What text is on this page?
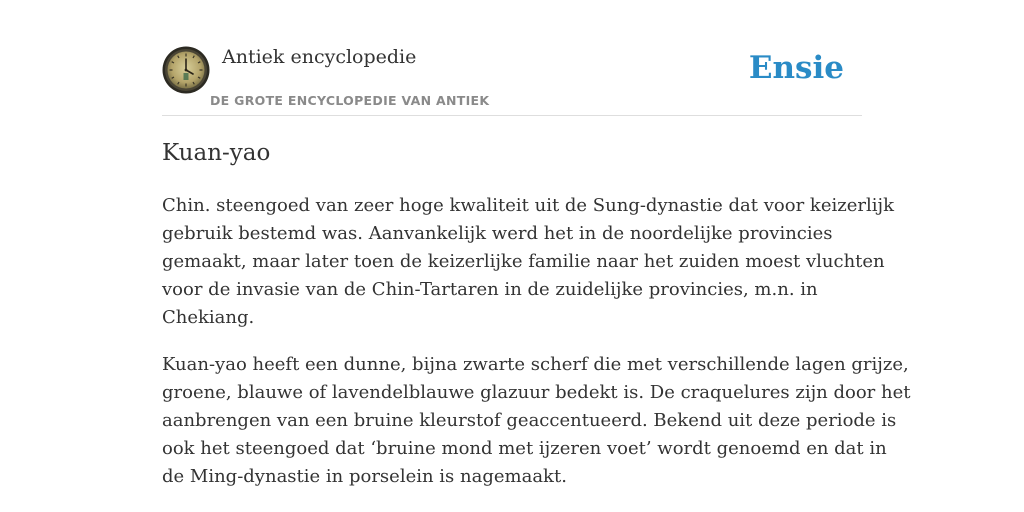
Antiek encyclopedie
DE GROTE ENCYCLOPEDIE VAN ANTIEK
Ensie
Kuan-yao

Chin. steengoed van zeer hoge kwaliteit uit de Sung-dynastie dat voor keizerlijk
gebruik bestemd was. Aanvankelijk werd het in de noordelijke provincies
gemaakt, maar later toen de keizerlijke familie naar het zuiden moest vluchten
voor de invasie van de Chin-Tartaren in de zuidelijke provincies, m.n. in
Chekiang.

Kuan-yao heeft een dunne, bijna zwarte scherf die met verschillende lagen grijze,
groene, blauwe of lavendelblauwe glazuur bedekt is. De craquelures zijn door het
aanbrengen van een bruine kleurstof geaccentueerd. Bekend uit deze periode is
ook het steengoed dat ‘bruine mond met ijzeren voet’ wordt genoemd en dat in
de Ming-dynastie in porselein is nagemaakt.
